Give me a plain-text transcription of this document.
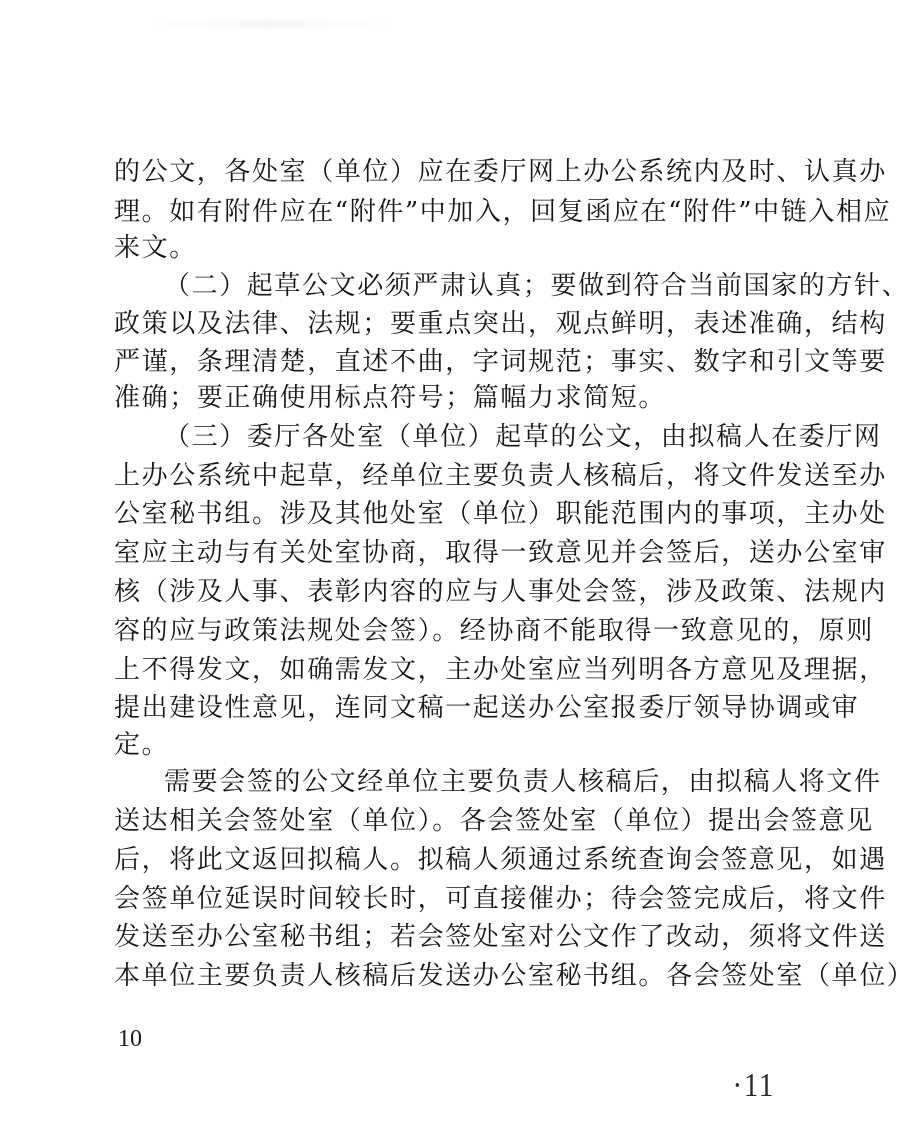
的公文，各处室（单位）应在委厅网上办公系统内及时、认真办
理。如有附件应在“附件”中加入，回复函应在“附件”中链入相应
来文。
（二）起草公文必须严肃认真；要做到符合当前国家的方针、
政策以及法律、法规；要重点突出，观点鲜明，表述准确，结构
严谨，条理清楚，直述不曲，字词规范；事实、数字和引文等要
准确；要正确使用标点符号；篇幅力求简短。
（三）委厅各处室（单位）起草的公文，由拟稿人在委厅网
上办公系统中起草，经单位主要负责人核稿后，将文件发送至办
公室秘书组。涉及其他处室（单位）职能范围内的事项，主办处
室应主动与有关处室协商，取得一致意见并会签后，送办公室审
核（涉及人事、表彰内容的应与人事处会签，涉及政策、法规内
容的应与政策法规处会签）。经协商不能取得一致意见的，原则
上不得发文，如确需发文，主办处室应当列明各方意见及理据，
提出建设性意见，连同文稿一起送办公室报委厅领导协调或审
定。
需要会签的公文经单位主要负责人核稿后，由拟稿人将文件
送达相关会签处室（单位）。各会签处室（单位）提出会签意见
后，将此文返回拟稿人。拟稿人须通过系统查询会签意见，如遇
会签单位延误时间较长时，可直接催办；待会签完成后，将文件
发送至办公室秘书组；若会签处室对公文作了改动，须将文件送
本单位主要负责人核稿后发送办公室秘书组。各会签处室（单位）
10
·11
